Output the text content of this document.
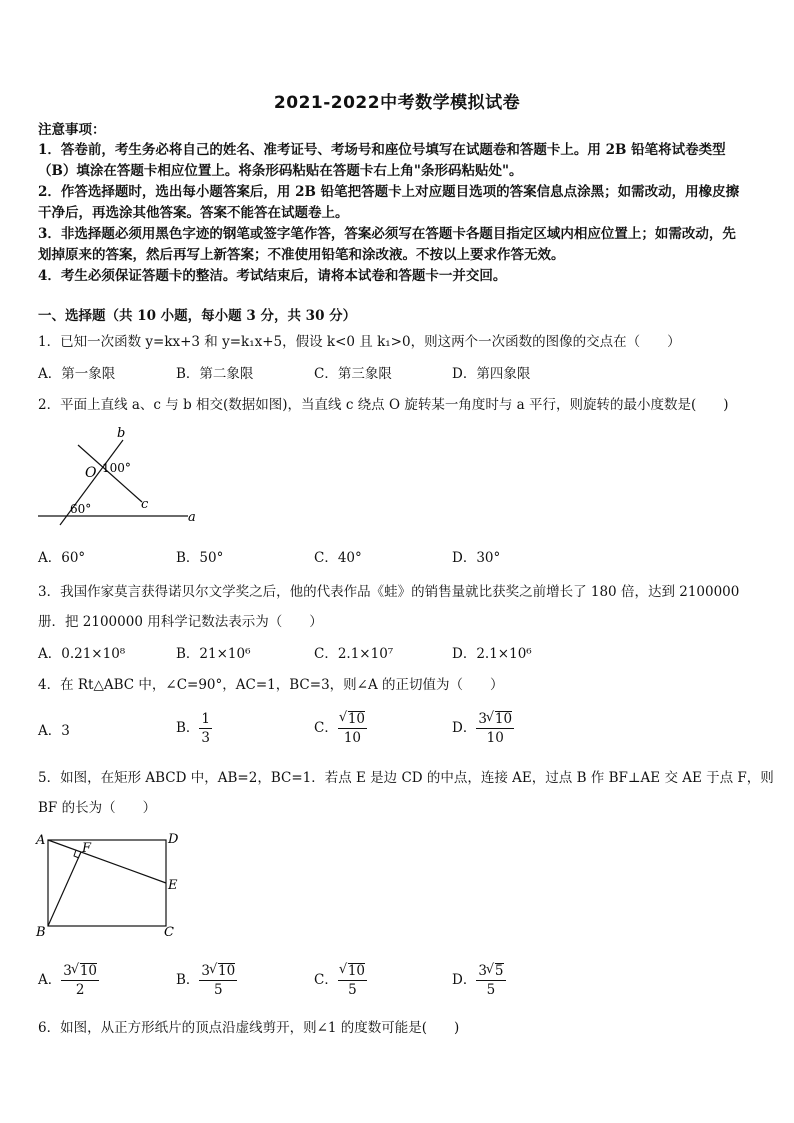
2021-2022中考数学模拟试卷
注意事项：
1．答卷前，考生务必将自己的姓名、准考证号、考场号和座位号填写在试题卷和答题卡上。用 2B 铅笔将试卷类型
（B）填涂在答题卡相应位置上。将条形码粘贴在答题卡右上角"条形码粘贴处"。
2．作答选择题时，选出每小题答案后，用 2B 铅笔把答题卡上对应题目选项的答案信息点涂黑；如需改动，用橡皮擦
干净后，再选涂其他答案。答案不能答在试题卷上。
3．非选择题必须用黑色字迹的钢笔或签字笔作答，答案必须写在答题卡各题目指定区域内相应位置上；如需改动，先
划掉原来的答案，然后再写上新答案；不准使用铅笔和涂改液。不按以上要求作答无效。
4．考生必须保证答题卡的整洁。考试结束后，请将本试卷和答题卡一并交回。
一、选择题（共 10 小题，每小题 3 分，共 30 分）
1．已知一次函数 y=kx+3 和 y=k₁x+5，假设 k<0 且 k₁>0，则这两个一次函数的图像的交点在（　　）
A．第一象限	B．第二象限	C．第三象限	D．第四象限
2．平面上直线 a、c 与 b 相交(数据如图)，当直线 c 绕点 O 旋转某一角度时与 a 平行，则旋转的最小度数是(　　)
b
c
a
O 100°
60°
A．60°	B．50°	C．40°	D．30°
3．我国作家莫言获得诺贝尔文学奖之后，他的代表作品《蛙》的销售量就比获奖之前增长了 180 倍，达到 2100000
册．把 2100000 用科学记数法表示为（　　）
A．0.21×10⁸	B．21×10⁶	C．2.1×10⁷	D．2.1×10⁶
4．在 Rt△ABC 中，∠C=90°，AC=1，BC=3，则∠A 的正切值为（　　）
A．3	B． $\frac{1}{3}$	C． √ $\frac{10}{10}$	D． $\frac{3 √ 10}{10}$
5．如图，在矩形 ABCD 中，AB=2，BC=1．若点 E 是边 CD 的中点，连接 AE，过点 B 作 BF⊥AE 交 AE 于点 F，则
BF 的长为（　　）
A	D
E
F
B	C
A． $\frac{3 √ 10}{2}$	B． $\frac{3 √ 10}{5}$	C． √ $\frac{10}{5}$	D． $\frac{3 √ 5}{5}$
6．如图，从正方形纸片的顶点沿虚线剪开，则∠1 的度数可能是(　　)
